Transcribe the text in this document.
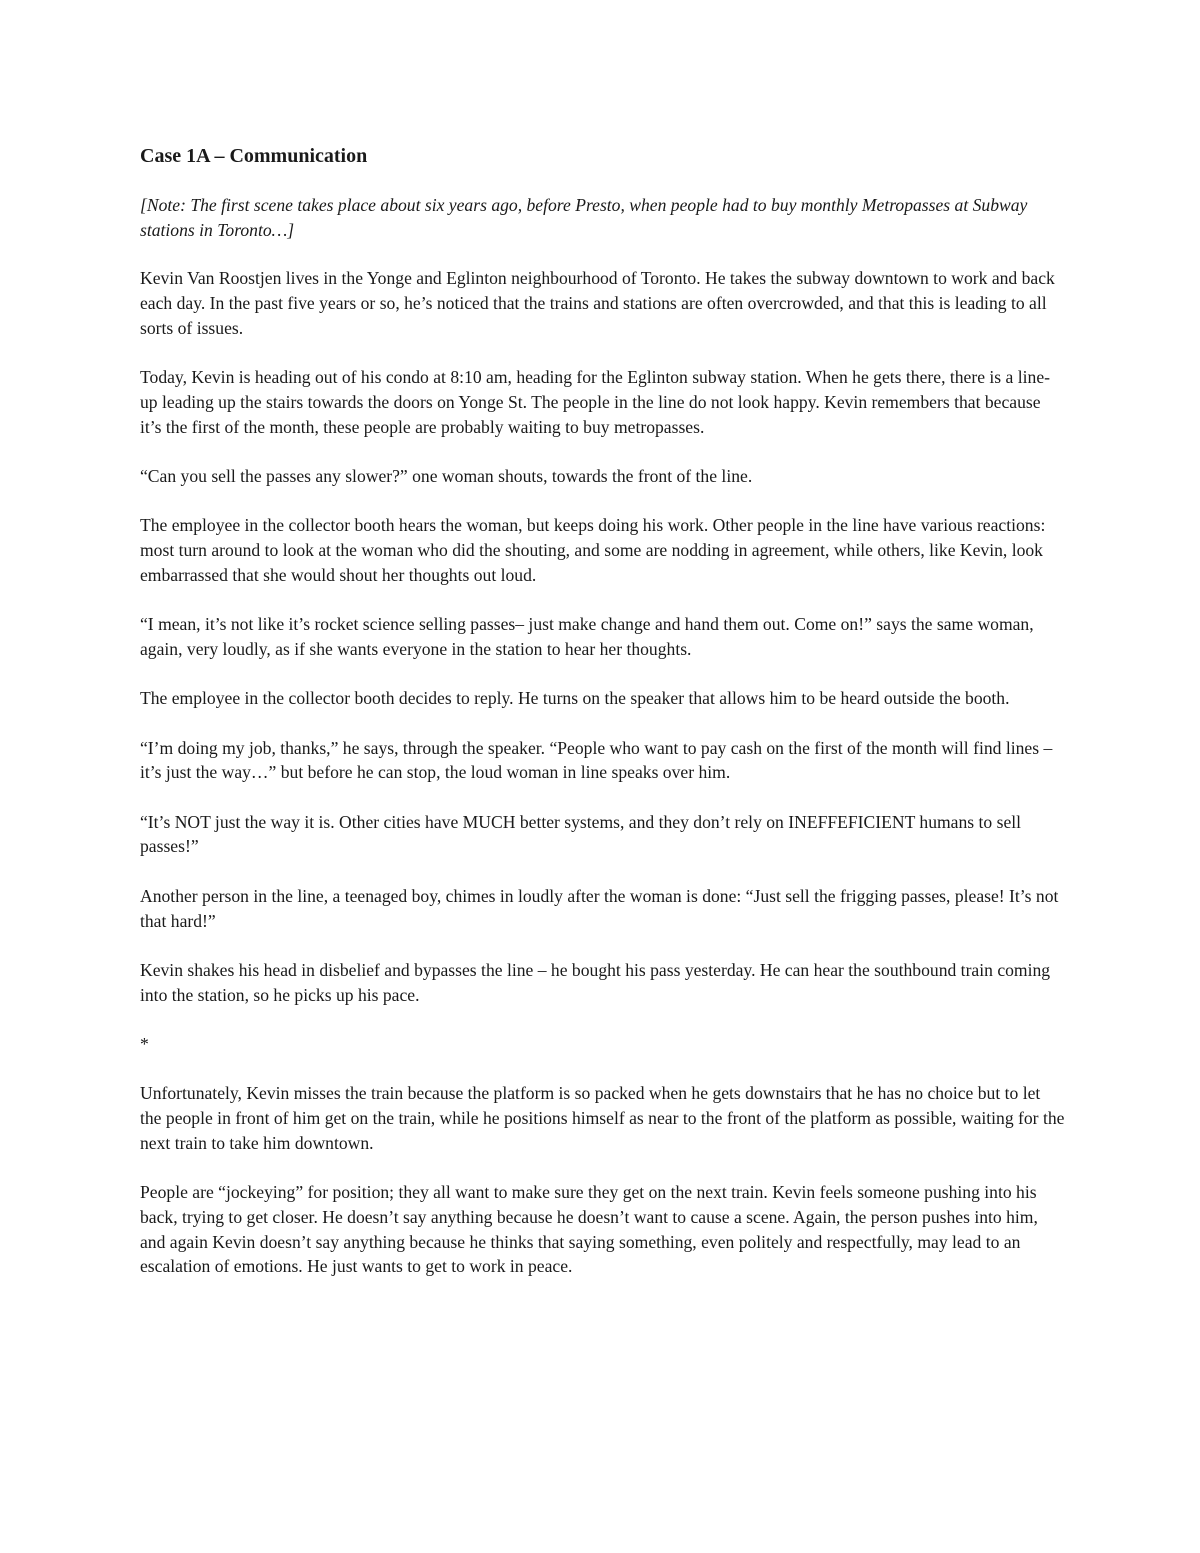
Case 1A – Communication

[Note: The first scene takes place about six years ago, before Presto, when people had to buy monthly Metropasses at Subway stations in Toronto…]

Kevin Van Roostjen lives in the Yonge and Eglinton neighbourhood of Toronto. He takes the subway downtown to work and back each day. In the past five years or so, he’s noticed that the trains and stations are often overcrowded, and that this is leading to all sorts of issues.

Today, Kevin is heading out of his condo at 8:10 am, heading for the Eglinton subway station. When he gets there, there is a line-up leading up the stairs towards the doors on Yonge St. The people in the line do not look happy. Kevin remembers that because it’s the first of the month, these people are probably waiting to buy metropasses.

“Can you sell the passes any slower?” one woman shouts, towards the front of the line.

The employee in the collector booth hears the woman, but keeps doing his work. Other people in the line have various reactions: most turn around to look at the woman who did the shouting, and some are nodding in agreement, while others, like Kevin, look embarrassed that she would shout her thoughts out loud.

“I mean, it’s not like it’s rocket science selling passes– just make change and hand them out. Come on!” says the same woman, again, very loudly, as if she wants everyone in the station to hear her thoughts.

The employee in the collector booth decides to reply. He turns on the speaker that allows him to be heard outside the booth.

“I’m doing my job, thanks,” he says, through the speaker. “People who want to pay cash on the first of the month will find lines – it’s just the way…” but before he can stop, the loud woman in line speaks over him.

“It’s NOT just the way it is. Other cities have MUCH better systems, and they don’t rely on INEFFEFICIENT humans to sell passes!”

Another person in the line, a teenaged boy, chimes in loudly after the woman is done: “Just sell the frigging passes, please! It’s not that hard!”

Kevin shakes his head in disbelief and bypasses the line – he bought his pass yesterday. He can hear the southbound train coming into the station, so he picks up his pace.

*

Unfortunately, Kevin misses the train because the platform is so packed when he gets downstairs that he has no choice but to let the people in front of him get on the train, while he positions himself as near to the front of the platform as possible, waiting for the next train to take him downtown.

People are “jockeying” for position; they all want to make sure they get on the next train. Kevin feels someone pushing into his back, trying to get closer. He doesn’t say anything because he doesn’t want to cause a scene. Again, the person pushes into him, and again Kevin doesn’t say anything because he thinks that saying something, even politely and respectfully, may lead to an escalation of emotions. He just wants to get to work in peace.
